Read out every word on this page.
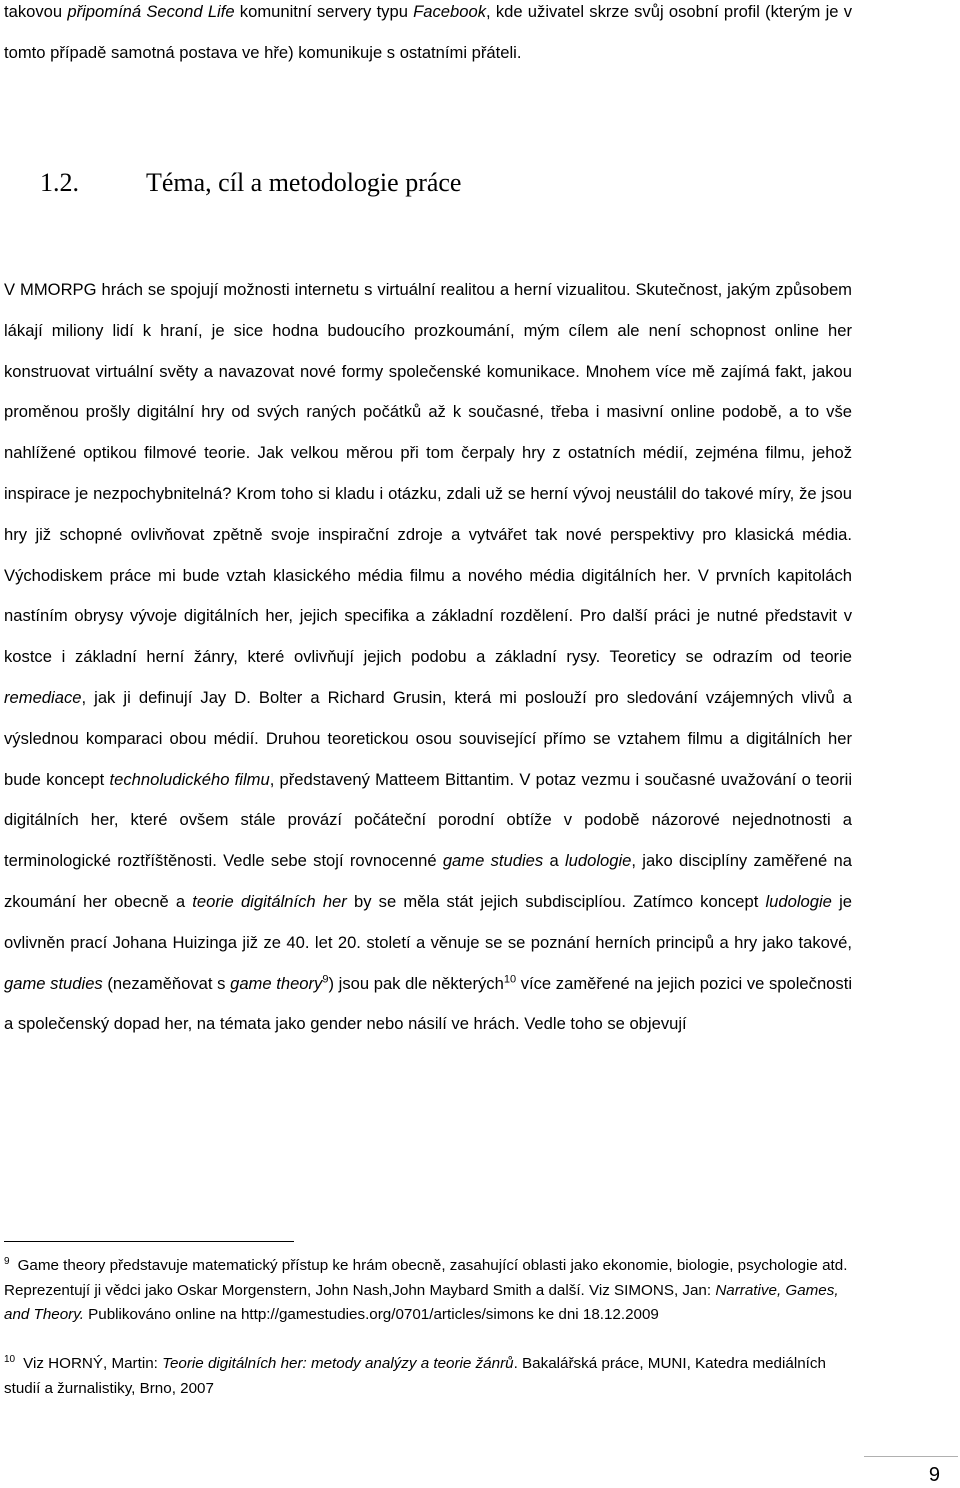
takovou připomíná Second Life komunitní servery typu Facebook, kde uživatel skrze svůj osobní profil (kterým je v tomto případě samotná postava ve hře) komunikuje s ostatními přáteli.

1.2.	Téma, cíl a metodologie práce

V MMORPG hrách se spojují možnosti internetu s virtuální realitou a herní vizualitou. Skutečnost, jakým způsobem lákají miliony lidí k hraní, je sice hodna budoucího prozkoumání, mým cílem ale není schopnost online her konstruovat virtuální světy a navazovat nové formy společenské komunikace. Mnohem více mě zajímá fakt, jakou proměnou prošly digitální hry od svých raných počátků až k současné, třeba i masivní online podobě, a to vše nahlížené optikou filmové teorie. Jak velkou měrou při tom čerpaly hry z ostatních médií, zejména filmu, jehož inspirace je nezpochybnitelná? Krom toho si kladu i otázku, zdali už se herní vývoj neustálil do takové míry, že jsou hry již schopné ovlivňovat zpětně svoje inspirační zdroje a vytvářet tak nové perspektivy pro klasická média. Východiskem práce mi bude vztah klasického média filmu a nového média digitálních her. V prvních kapitolách nastíním obrysy vývoje digitálních her, jejich specifika a základní rozdělení. Pro další práci je nutné představit v kostce i základní herní žánry, které ovlivňují jejich podobu a základní rysy. Teoreticy se odrazím od teorie remediace, jak ji definují Jay D. Bolter a Richard Grusin, která mi poslouží pro sledování vzájemných vlivů a výslednou komparaci obou médií. Druhou teoretickou osou související přímo se vztahem filmu a digitálních her bude koncept technoludického filmu, představený Matteem Bittantim. V potaz vezmu i současné uvažování o teorii digitálních her, které ovšem stále provází počáteční porodní obtíže v podobě názorové nejednotnosti a terminologické roztříštěnosti. Vedle sebe stojí rovnocenné game studies a ludologie, jako disciplíny zaměřené na zkoumání her obecně a teorie digitálních her by se měla stát jejich subdisciplíou. Zatímco koncept ludologie je ovlivněn prací Johana Huizinga již ze 40. let 20. století a věnuje se se poznání herních principů a hry jako takové, game studies (nezaměňovat s game theory$^9$) jsou pak dle některých$^{10}$ více zaměřené na jejich pozici ve společnosti a společenský dopad her, na témata jako gender nebo násilí ve hrách. Vedle toho se objevují

$^9$ Game theory představuje matematický přístup ke hrám obecně, zasahující oblasti jako ekonomie, biologie, psychologie atd. Reprezentují ji vědci jako Oskar Morgenstern, John Nash,John Maybard Smith a další. Viz SIMONS, Jan: Narrative, Games, and Theory. Publikováno online na http://gamestudies.org/0701/articles/simons ke dni 18.12.2009
$^{10}$ Viz HORNÝ, Martin: Teorie digitálních her: metody analýzy a teorie žánrů. Bakalářská práce, MUNI, Katedra mediálních studií a žurnalistiky, Brno, 2007
9
